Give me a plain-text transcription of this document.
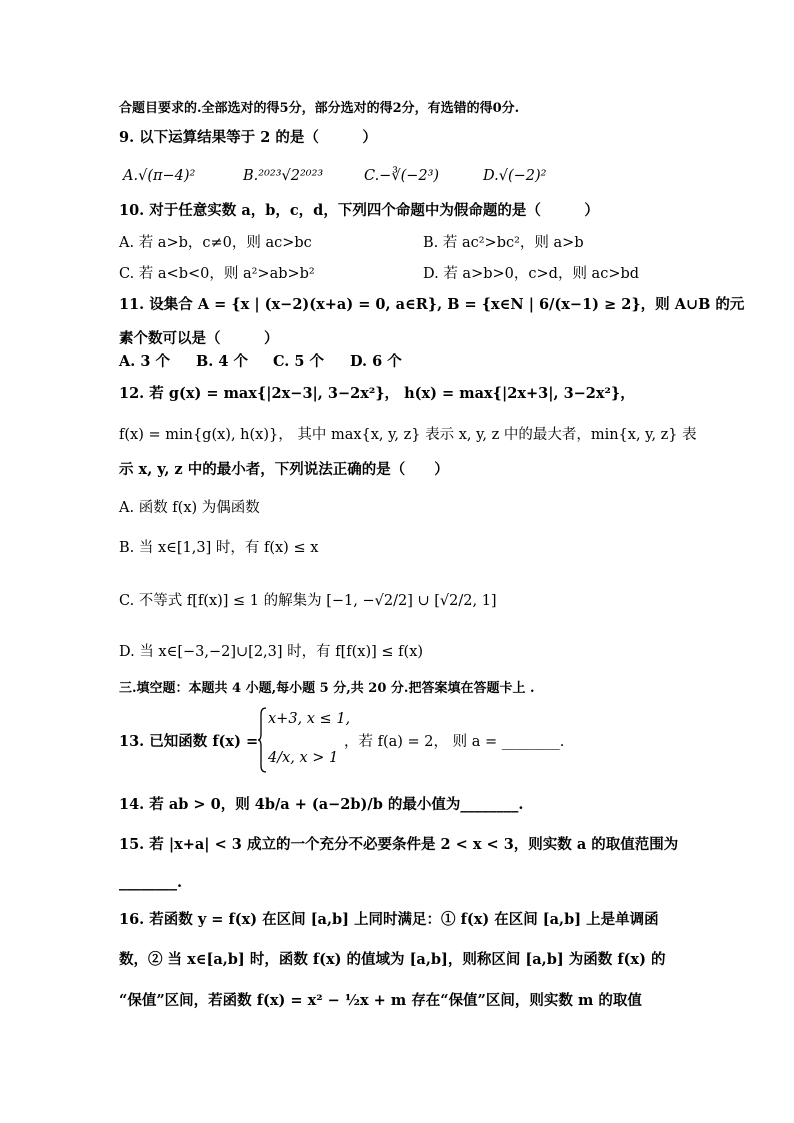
合题目要求的.全部选对的得5分，部分选对的得2分，有选错的得0分.
9. 以下运算结果等于 2 的是（　　　）
A.√(π−4)²	B.²⁰²³√2²⁰²³	C.−∛(−2³)	D.√(−2)²
10. 对于任意实数 a，b，c，d，下列四个命题中为假命题的是（　　　）
A. 若 a>b，c≠0，则 ac>bc	B. 若 ac²>bc²，则 a>b
C. 若 a<b<0，则 a²>ab>b²	D. 若 a>b>0，c>d，则 ac>bd
11. 设集合 A = {x | (x−2)(x+a) = 0, a∈R}, B = {x∈N | 6/(x−1) ≥ 2}，则 A∪B 的元
素个数可以是（　　　）
A. 3 个 B. 4 个 C. 5 个 D. 6 个
12. 若 g(x) = max{|2x−3|, 3−2x²}， h(x) = max{|2x+3|, 3−2x²}，
f(x) = min{g(x), h(x)}， 其中 max{x, y, z} 表示 x, y, z 中的最大者，min{x, y, z} 表
示 x, y, z 中的最小者，下列说法正确的是（　　）
A. 函数 f(x) 为偶函数
B. 当 x∈[1,3] 时，有 f(x) ≤ x
C. 不等式 f[f(x)] ≤ 1 的解集为 [−1, −√2/2] ∪ [√2/2, 1]
D. 当 x∈[−3,−2]∪[2,3] 时，有 f[f(x)] ≤ f(x)
三.填空题：本题共 4 小题,每小题 5 分,共 20 分.把答案填在答题卡上 .
13. 已知函数 f(x) =
x+3, x ≤ 1,
4/x, x > 1
，若 f(a) = 2， 则 a = ________.
14. 若 ab > 0，则 4b/a + (a−2b)/b 的最小值为________.
15. 若 |x+a| < 3 成立的一个充分不必要条件是 2 < x < 3，则实数 a 的取值范围为
________.
16. 若函数 y = f(x) 在区间 [a,b] 上同时满足：① f(x) 在区间 [a,b] 上是单调函
数，② 当 x∈[a,b] 时，函数 f(x) 的值域为 [a,b]，则称区间 [a,b] 为函数 f(x) 的
“保值”区间，若函数 f(x) = x² − ½x + m 存在“保值”区间，则实数 m 的取值
